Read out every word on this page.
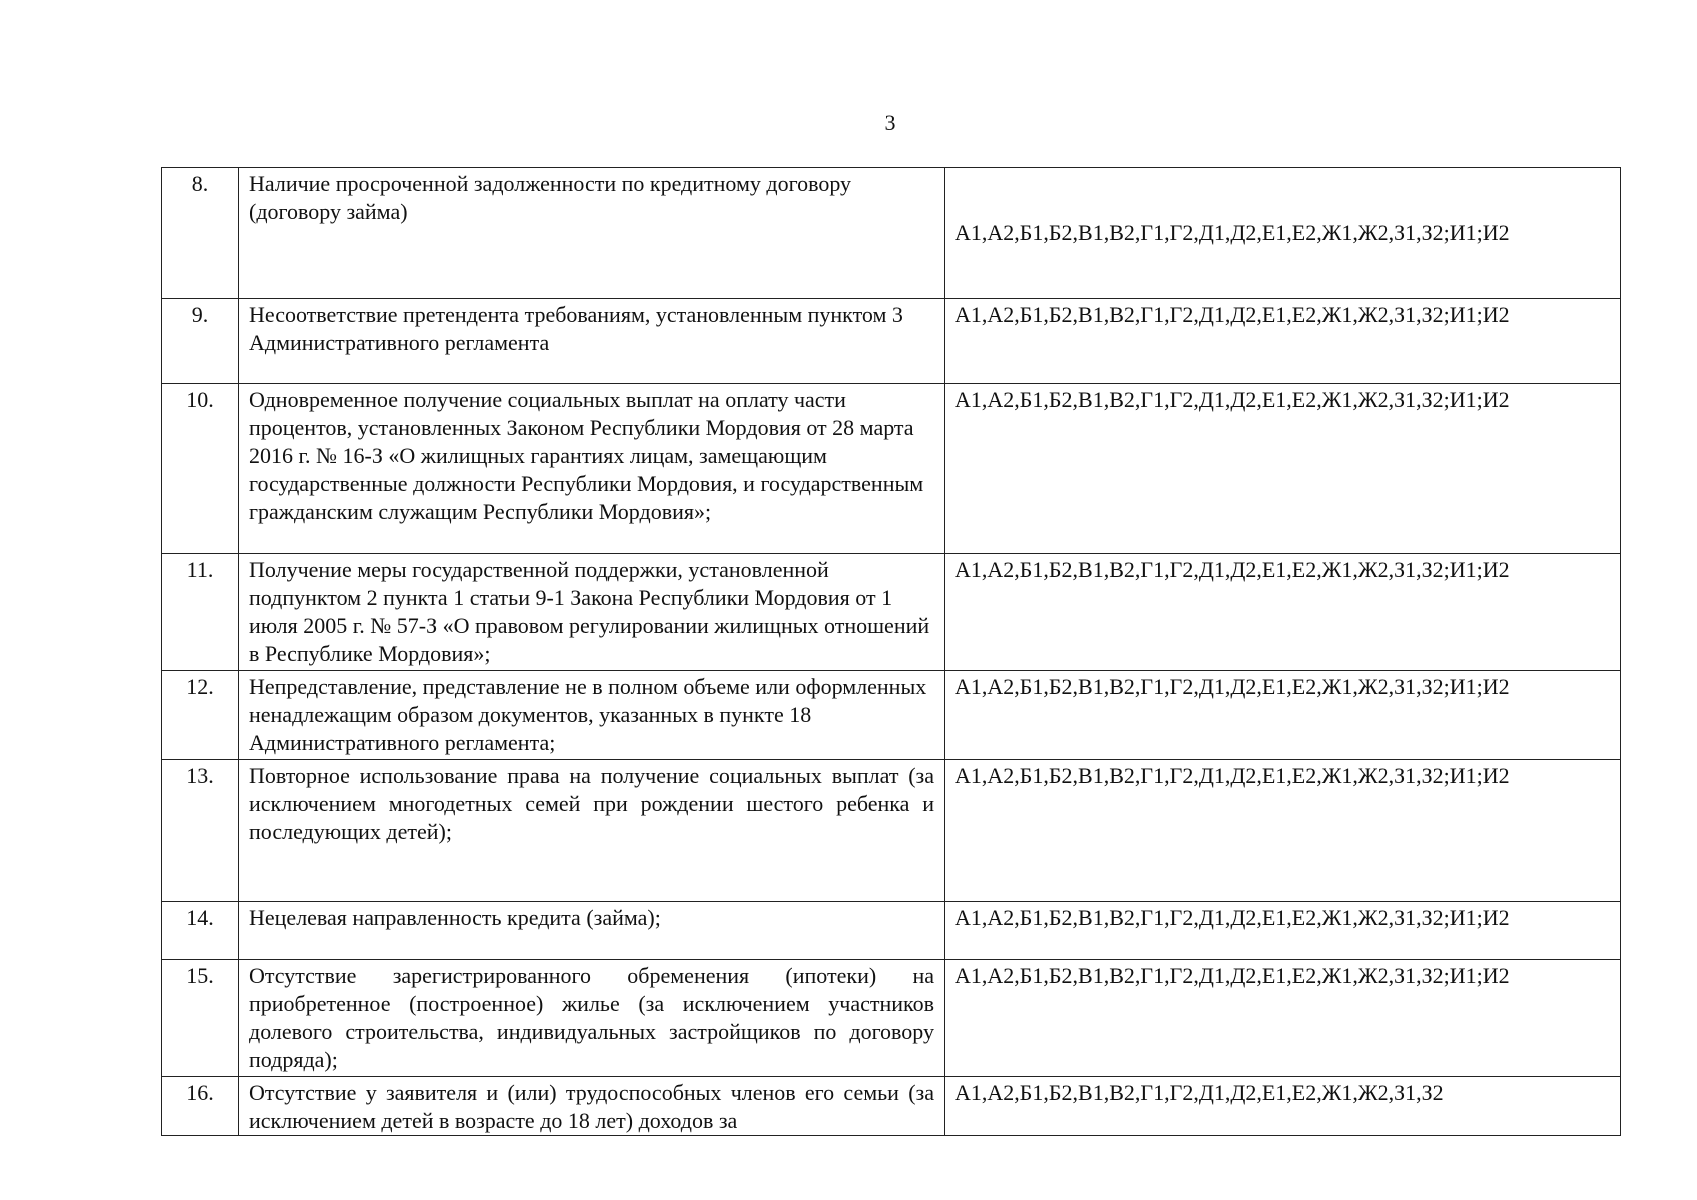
3
8.	Наличие просроченной задолженности по кредитному договору (договору займа)	А1,А2,Б1,Б2,В1,В2,Г1,Г2,Д1,Д2,Е1,Е2,Ж1,Ж2,З1,З2;И1;И2
9.	Несоответствие претендента требованиям, установленным пунктом 3 Административного регламента	А1,А2,Б1,Б2,В1,В2,Г1,Г2,Д1,Д2,Е1,Е2,Ж1,Ж2,З1,З2;И1;И2
10.	Одновременное получение социальных выплат на оплату части процентов, установленных Законом Республики Мордовия от 28 марта 2016 г. № 16-З «О жилищных гарантиях лицам, замещающим государственные должности Республики Мордовия, и государственным гражданским служащим Республики Мордовия»;	А1,А2,Б1,Б2,В1,В2,Г1,Г2,Д1,Д2,Е1,Е2,Ж1,Ж2,З1,З2;И1;И2
11.	Получение меры государственной поддержки, установленной подпунктом 2 пункта 1 статьи 9-1 Закона Республики Мордовия от 1 июля 2005 г. № 57-З «О правовом регулировании жилищных отношений в Республике Мордовия»;	А1,А2,Б1,Б2,В1,В2,Г1,Г2,Д1,Д2,Е1,Е2,Ж1,Ж2,З1,З2;И1;И2
12.	Непредставление, представление не в полном объеме или оформленных ненадлежащим образом документов, указанных в пункте 18 Административного регламента;	А1,А2,Б1,Б2,В1,В2,Г1,Г2,Д1,Д2,Е1,Е2,Ж1,Ж2,З1,З2;И1;И2
13.	Повторное использование права на получение социальных выплат (за исключением многодетных семей при рождении шестого ребенка и последующих детей);	А1,А2,Б1,Б2,В1,В2,Г1,Г2,Д1,Д2,Е1,Е2,Ж1,Ж2,З1,З2;И1;И2
14.	Нецелевая направленность кредита (займа);	А1,А2,Б1,Б2,В1,В2,Г1,Г2,Д1,Д2,Е1,Е2,Ж1,Ж2,З1,З2;И1;И2
15.	Отсутствие зарегистрированного обременения (ипотеки) на приобретенное (построенное) жилье (за исключением участников долевого строительства, индивидуальных застройщиков по договору подряда);	А1,А2,Б1,Б2,В1,В2,Г1,Г2,Д1,Д2,Е1,Е2,Ж1,Ж2,З1,З2;И1;И2
16.	Отсутствие у заявителя и (или) трудоспособных членов его семьи (за исключением детей в возрасте до 18 лет) доходов за	А1,А2,Б1,Б2,В1,В2,Г1,Г2,Д1,Д2,Е1,Е2,Ж1,Ж2,З1,З2
